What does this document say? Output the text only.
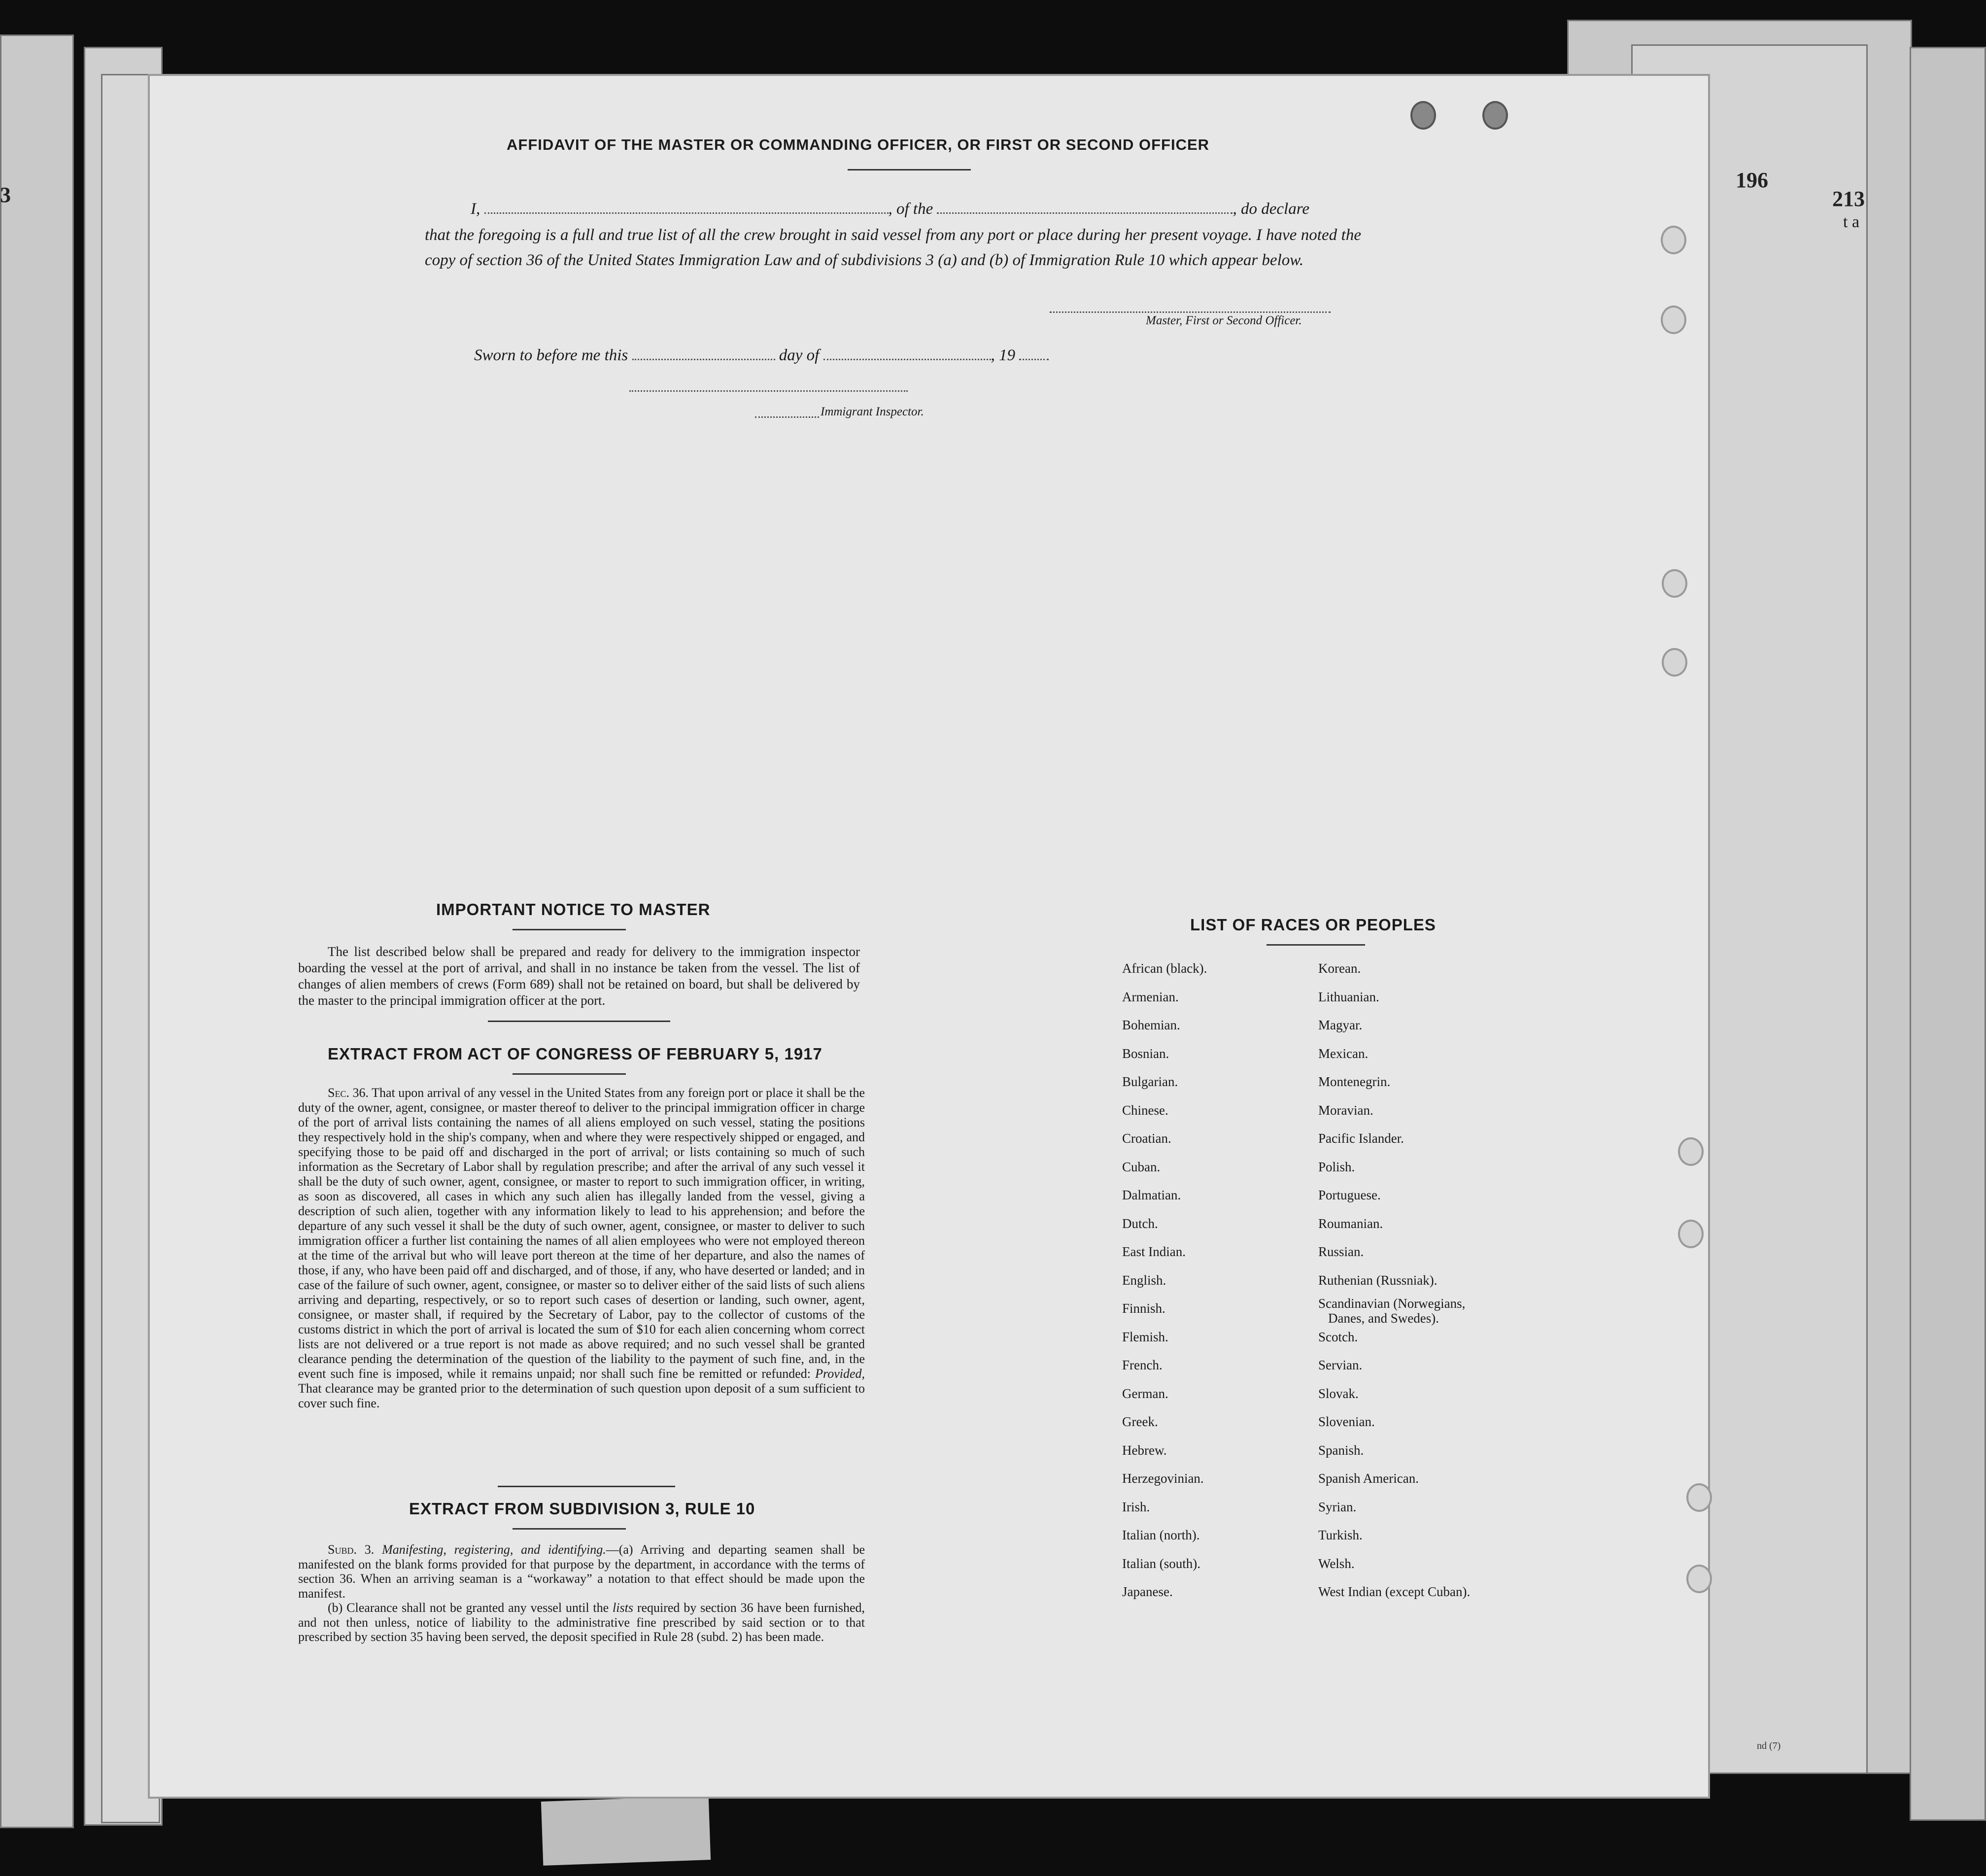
3
196
213
t a
nd (7)
AFFIDAVIT OF THE MASTER OR COMMANDING OFFICER, OR FIRST OR SECOND OFFICER
I,	, of the	, do declare
that the foregoing is a full and true list of all the crew brought in said vessel from any port or place during her present voyage. I have noted the copy of section 36 of the United States Immigration Law and of subdivisions 3 (a) and (b) of Immigration Rule 10 which appear below.
Master, First or Second Officer.
Sworn to before me this	day of	, 19
Immigrant Inspector.
IMPORTANT NOTICE TO MASTER

The list described below shall be prepared and ready for delivery to the immigration inspector boarding the vessel at the port of arrival, and shall in no instance be taken from the vessel. The list of changes of alien members of crews (Form 689) shall not be retained on board, but shall be delivered by the master to the principal immigration officer at the port.

EXTRACT FROM ACT OF CONGRESS OF FEBRUARY 5, 1917

Sec. 36. That upon arrival of any vessel in the United States from any foreign port or place it shall be the duty of the owner, agent, consignee, or master thereof to deliver to the principal immigration officer in charge of the port of arrival lists containing the names of all aliens employed on such vessel, stating the positions they respectively hold in the ship's company, when and where they were respectively shipped or engaged, and specifying those to be paid off and discharged in the port of arrival; or lists containing so much of such information as the Secretary of Labor shall by regulation prescribe; and after the arrival of any such vessel it shall be the duty of such owner, agent, consignee, or master to report to such immigration officer, in writing, as soon as discovered, all cases in which any such alien has illegally landed from the vessel, giving a description of such alien, together with any information likely to lead to his apprehension; and before the departure of any such vessel it shall be the duty of such owner, agent, consignee, or master to deliver to such immigration officer a further list containing the names of all alien employees who were not employed thereon at the time of the arrival but who will leave port thereon at the time of her departure, and also the names of those, if any, who have been paid off and discharged, and of those, if any, who have deserted or landed; and in case of the failure of such owner, agent, consignee, or master so to deliver either of the said lists of such aliens arriving and departing, respectively, or so to report such cases of desertion or landing, such owner, agent, consignee, or master shall, if required by the Secretary of Labor, pay to the collector of customs of the customs district in which the port of arrival is located the sum of $10 for each alien concerning whom correct lists are not delivered or a true report is not made as above required; and no such vessel shall be granted clearance pending the determination of the question of the liability to the payment of such fine, and, in the event such fine is imposed, while it remains unpaid; nor shall such fine be remitted or refunded: Provided, That clearance may be granted prior to the determination of such question upon deposit of a sum sufficient to cover such fine.

EXTRACT FROM SUBDIVISION 3, RULE 10

Subd. 3. Manifesting, registering, and identifying.—(a) Arriving and departing seamen shall be manifested on the blank forms provided for that purpose by the department, in accordance with the terms of section 36. When an arriving seaman is a “workaway” a notation to that effect should be made upon the manifest.

(b) Clearance shall not be granted any vessel until the lists required by section 36 have been furnished, and not then unless, notice of liability to the administrative fine prescribed by said section or to that prescribed by section 35 having been served, the deposit specified in Rule 28 (subd. 2) has been made.

LIST OF RACES OR PEOPLES
African (black).
Armenian.
Bohemian.
Bosnian.
Bulgarian.
Chinese.
Croatian.
Cuban.
Dalmatian.
Dutch.
East Indian.
English.
Finnish.
Flemish.
French.
German.
Greek.
Hebrew.
Herzegovinian.
Irish.
Italian (north).
Italian (south).
Japanese.
Korean.
Lithuanian.
Magyar.
Mexican.
Montenegrin.
Moravian.
Pacific Islander.
Polish.
Portuguese.
Roumanian.
Russian.
Ruthenian (Russniak).
Scandinavian (Norwegians,
Danes, and Swedes).
Scotch.
Servian.
Slovak.
Slovenian.
Spanish.
Spanish American.
Syrian.
Turkish.
Welsh.
West Indian (except Cuban).
